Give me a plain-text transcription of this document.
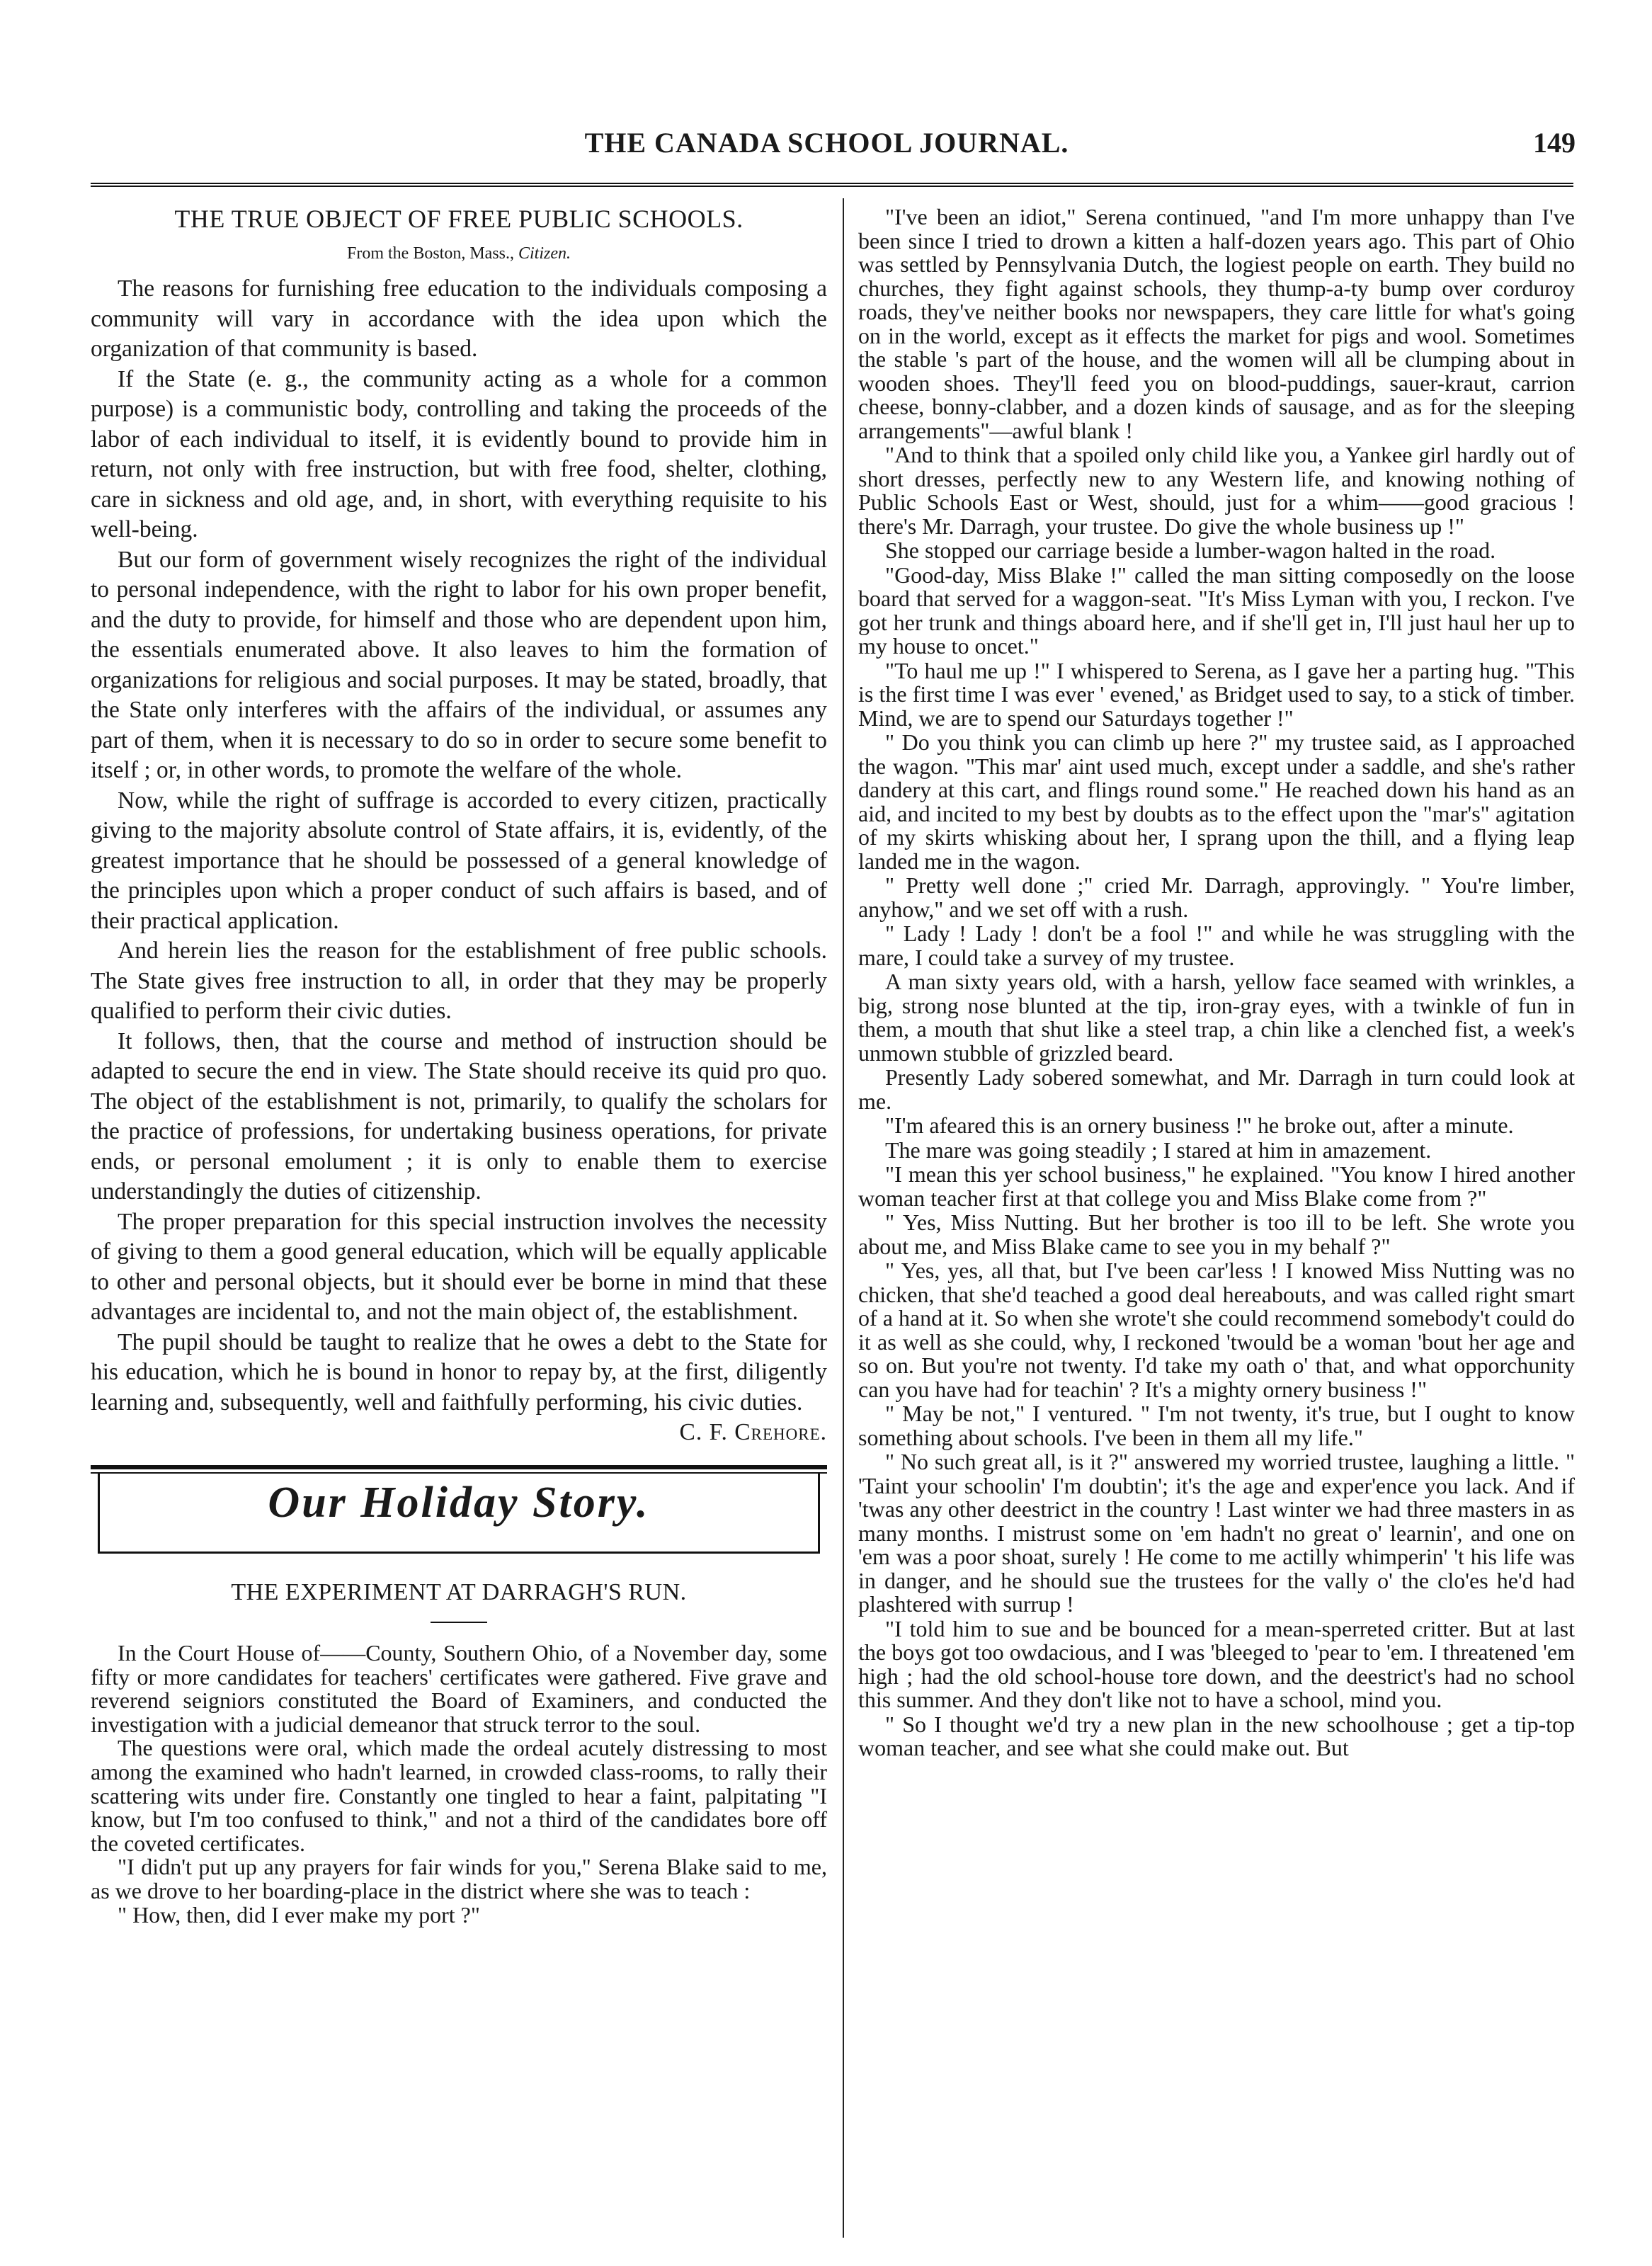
THE CANADA SCHOOL JOURNAL.	149
THE TRUE OBJECT OF FREE PUBLIC SCHOOLS.
From the Boston, Mass., Citizen.

The reasons for furnishing free education to the individuals composing a community will vary in accordance with the idea upon which the organization of that community is based.

If the State (e. g., the community acting as a whole for a common purpose) is a communistic body, controlling and taking the proceeds of the labor of each individual to itself, it is evidently bound to provide him in return, not only with free instruction, but with free food, shelter, clothing, care in sickness and old age, and, in short, with everything requisite to his well-being.

But our form of government wisely recognizes the right of the individual to personal independence, with the right to labor for his own proper benefit, and the duty to provide, for himself and those who are dependent upon him, the essentials enumerated above. It also leaves to him the formation of organizations for religious and social purposes. It may be stated, broadly, that the State only interferes with the affairs of the individual, or assumes any part of them, when it is necessary to do so in order to secure some benefit to itself ; or, in other words, to promote the welfare of the whole.

Now, while the right of suffrage is accorded to every citizen, practically giving to the majority absolute control of State affairs, it is, evidently, of the greatest importance that he should be possessed of a general knowledge of the principles upon which a proper conduct of such affairs is based, and of their practical application.

And herein lies the reason for the establishment of free public schools. The State gives free instruction to all, in order that they may be properly qualified to perform their civic duties.

It follows, then, that the course and method of instruction should be adapted to secure the end in view. The State should receive its quid pro quo. The object of the establishment is not, primarily, to qualify the scholars for the practice of professions, for undertaking business operations, for private ends, or personal emolument ; it is only to enable them to exercise understandingly the duties of citizenship.

The proper preparation for this special instruction involves the necessity of giving to them a good general education, which will be equally applicable to other and personal objects, but it should ever be borne in mind that these advantages are incidental to, and not the main object of, the establishment.

The pupil should be taught to realize that he owes a debt to the State for his education, which he is bound in honor to repay by, at the first, diligently learning and, subsequently, well and faithfully performing, his civic duties.

C. F. Crehore.
Our Holiday Story.
THE EXPERIMENT AT DARRAGH'S RUN.

In the Court House of——County, Southern Ohio, of a November day, some fifty or more candidates for teachers' certificates were gathered. Five grave and reverend seigniors constituted the Board of Examiners, and conducted the investigation with a judicial demeanor that struck terror to the soul.

The questions were oral, which made the ordeal acutely distressing to most among the examined who hadn't learned, in crowded class-rooms, to rally their scattering wits under fire. Constantly one tingled to hear a faint, palpitating "I know, but I'm too confused to think," and not a third of the candidates bore off the coveted certificates.

"I didn't put up any prayers for fair winds for you," Serena Blake said to me, as we drove to her boarding-place in the district where she was to teach :

" How, then, did I ever make my port ?"

"I've been an idiot," Serena continued, "and I'm more unhappy than I've been since I tried to drown a kitten a half-dozen years ago. This part of Ohio was settled by Pennsylvania Dutch, the logiest people on earth. They build no churches, they fight against schools, they thump-a-ty bump over corduroy roads, they've neither books nor newspapers, they care little for what's going on in the world, except as it effects the market for pigs and wool. Sometimes the stable 's part of the house, and the women will all be clumping about in wooden shoes. They'll feed you on blood-puddings, sauer-kraut, carrion cheese, bonny-clabber, and a dozen kinds of sausage, and as for the sleeping arrangements"—awful blank !

"And to think that a spoiled only child like you, a Yankee girl hardly out of short dresses, perfectly new to any Western life, and knowing nothing of Public Schools East or West, should, just for a whim——good gracious ! there's Mr. Darragh, your trustee. Do give the whole business up !"

She stopped our carriage beside a lumber-wagon halted in the road.

"Good-day, Miss Blake !" called the man sitting composedly on the loose board that served for a waggon-seat. "It's Miss Lyman with you, I reckon. I've got her trunk and things aboard here, and if she'll get in, I'll just haul her up to my house to oncet."

"To haul me up !" I whispered to Serena, as I gave her a parting hug. "This is the first time I was ever ' evened,' as Bridget used to say, to a stick of timber. Mind, we are to spend our Saturdays together !"

" Do you think you can climb up here ?" my trustee said, as I approached the wagon. "This mar' aint used much, except under a saddle, and she's rather dandery at this cart, and flings round some." He reached down his hand as an aid, and incited to my best by doubts as to the effect upon the "mar's" agitation of my skirts whisking about her, I sprang upon the thill, and a flying leap landed me in the wagon.

" Pretty well done ;" cried Mr. Darragh, approvingly. " You're limber, anyhow," and we set off with a rush.

" Lady ! Lady ! don't be a fool !" and while he was struggling with the mare, I could take a survey of my trustee.

A man sixty years old, with a harsh, yellow face seamed with wrinkles, a big, strong nose blunted at the tip, iron-gray eyes, with a twinkle of fun in them, a mouth that shut like a steel trap, a chin like a clenched fist, a week's unmown stubble of grizzled beard.

Presently Lady sobered somewhat, and Mr. Darragh in turn could look at me.

"I'm afeared this is an ornery business !" he broke out, after a minute.

The mare was going steadily ; I stared at him in amazement.

"I mean this yer school business," he explained. "You know I hired another woman teacher first at that college you and Miss Blake come from ?"

" Yes, Miss Nutting. But her brother is too ill to be left. She wrote you about me, and Miss Blake came to see you in my behalf ?"

" Yes, yes, all that, but I've been car'less ! I knowed Miss Nutting was no chicken, that she'd teached a good deal hereabouts, and was called right smart of a hand at it. So when she wrote't she could recommend somebody't could do it as well as she could, why, I reckoned 'twould be a woman 'bout her age and so on. But you're not twenty. I'd take my oath o' that, and what opporchunity can you have had for teachin' ? It's a mighty ornery business !"

" May be not," I ventured. " I'm not twenty, it's true, but I ought to know something about schools. I've been in them all my life."

" No such great all, is it ?" answered my worried trustee, laughing a little. " 'Taint your schoolin' I'm doubtin'; it's the age and exper'ence you lack. And if 'twas any other deestrict in the country ! Last winter we had three masters in as many months. I mistrust some on 'em hadn't no great o' learnin', and one on 'em was a poor shoat, surely ! He come to me actilly whimperin' 't his life was in danger, and he should sue the trustees for the vally o' the clo'es he'd had plashtered with surrup !

"I told him to sue and be bounced for a mean-sperreted critter. But at last the boys got too owdacious, and I was 'bleeged to 'pear to 'em. I threatened 'em high ; had the old school-house tore down, and the deestrict's had no school this summer. And they don't like not to have a school, mind you.

" So I thought we'd try a new plan in the new schoolhouse ; get a tip-top woman teacher, and see what she could make out. But
